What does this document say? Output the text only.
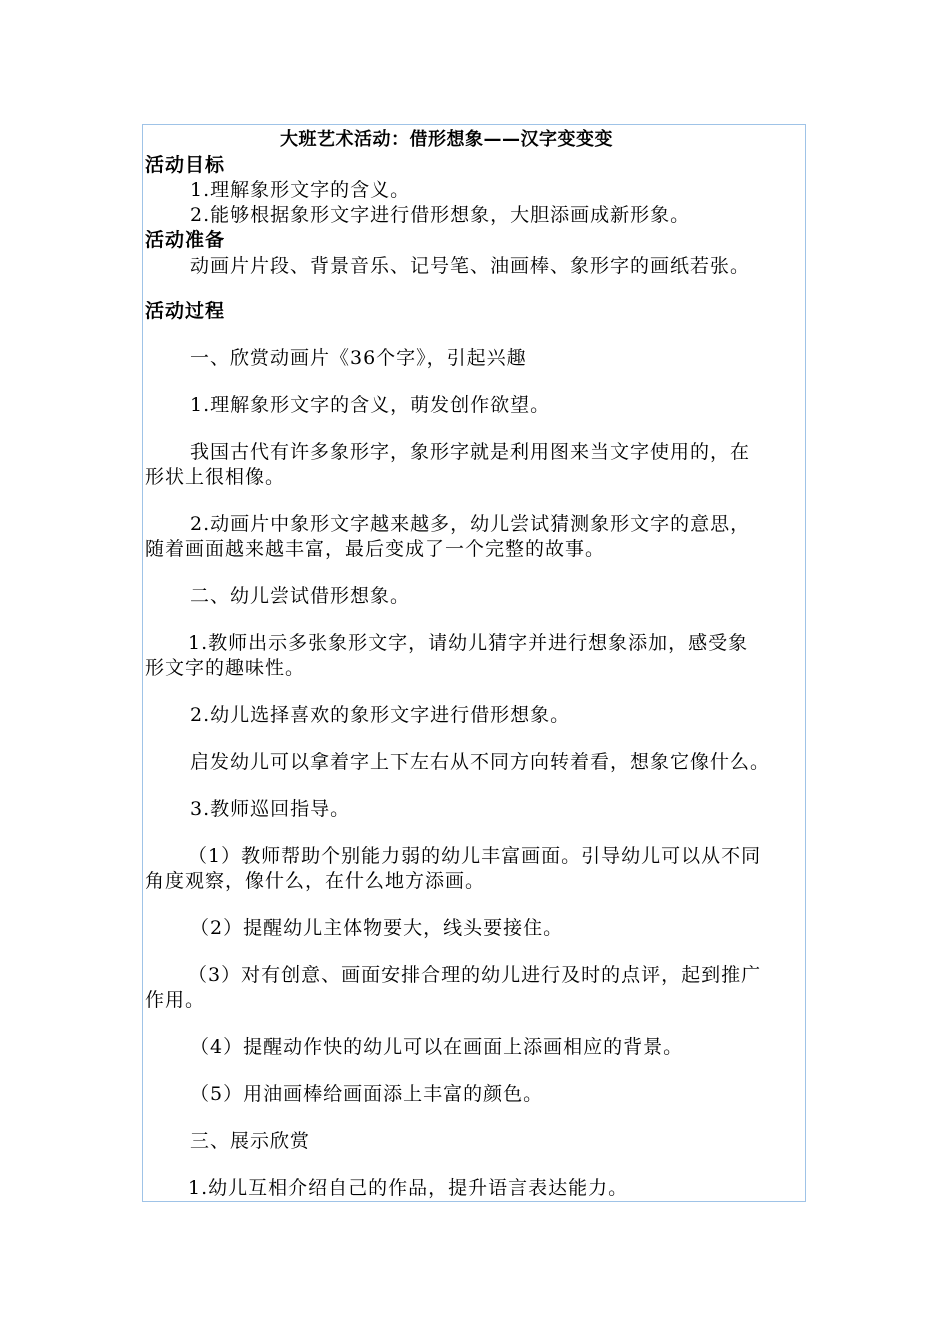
大班艺术活动：借形想象——汉字变变变
活动目标
1.理解象形文字的含义。
2.能够根据象形文字进行借形想象，大胆添画成新形象。
活动准备
动画片片段、背景音乐、记号笔、油画棒、象形字的画纸若张。
活动过程
一、欣赏动画片《36个字》，引起兴趣
1.理解象形文字的含义，萌发创作欲望。
我国古代有许多象形字，象形字就是利用图来当文字使用的，在
形状上很相像。
2.动画片中象形文字越来越多，幼儿尝试猜测象形文字的意思，
随着画面越来越丰富，最后变成了一个完整的故事。
二、幼儿尝试借形想象。
1.教师出示多张象形文字，请幼儿猜字并进行想象添加，感受象
形文字的趣味性。
2.幼儿选择喜欢的象形文字进行借形想象。
启发幼儿可以拿着字上下左右从不同方向转着看，想象它像什么。
3.教师巡回指导。
（1）教师帮助个别能力弱的幼儿丰富画面。引导幼儿可以从不同
角度观察，像什么，在什么地方添画。
（2）提醒幼儿主体物要大，线头要接住。
（3）对有创意、画面安排合理的幼儿进行及时的点评，起到推广
作用。
（4）提醒动作快的幼儿可以在画面上添画相应的背景。
（5）用油画棒给画面添上丰富的颜色。
三、展示欣赏
1.幼儿互相介绍自己的作品，提升语言表达能力。
